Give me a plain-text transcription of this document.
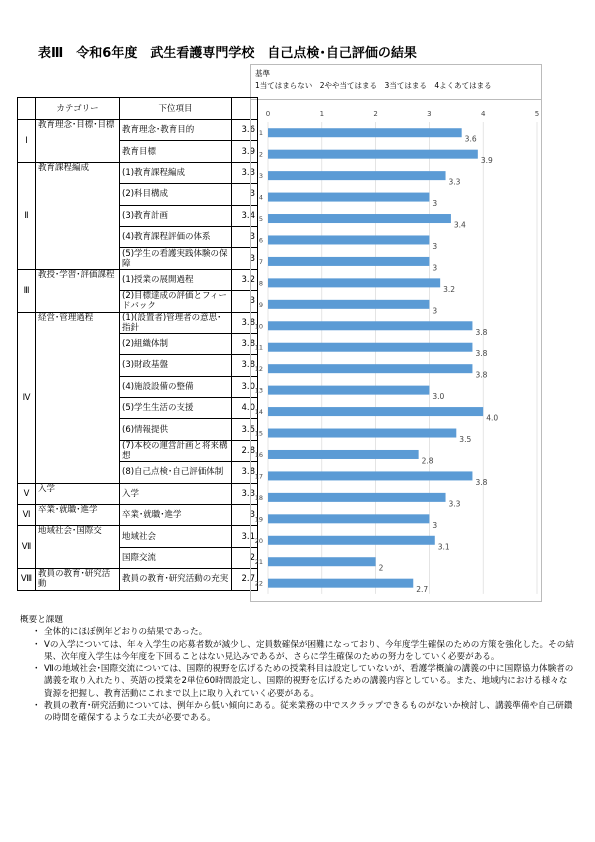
表Ⅲ　令和6年度　武生看護専門学校　自己点検･自己評価の結果
基準
1当てはまらない　2やや当てはまる　3当てはまる　4よくあてはまる
	カテゴリー	下位項目	
Ⅰ	教育理念･目標･目標	教育理念･教育目的	3.6
		教育目標	3.9
Ⅱ	教育課程編成	(1)教育課程編成	3.3
		(2)科目構成	3
		(3)教育計画	3.4
		(4)教育課程評価の体系	3
		(5)学生の看護実践体験の保障	3
Ⅲ	教授･学習･評価課程	(1)授業の展開過程	3.2
		(2)目標達成の評価とフィードバック	3
Ⅳ	経営･管理過程	(1)(設置者)管理者の意思･指針	3.8
		(2)組織体制	3.8
		(3)財政基盤	3.8
		(4)施設設備の整備	3.0
		(5)学生生活の支援	4.0
		(6)情報提供	3.5
		(7)本校の運営計画と将来構想	2.8
		(8)自己点検･自己評価体制	3.8
Ⅴ	入学	入学	3.3
Ⅵ	卒業･就職･進学	卒業･就職･進学	3
Ⅶ	地域社会･国際交	地域社会	3.1
		国際交流	2
Ⅷ	教員の教育･研究活動	教員の教育･研究活動の充実	2.7
0	1	2	3	4	5
1
3.6
2
3.9
3
3.3
4
3
5
3.4
6
3
7
3
8
3.2
9
3
10
3.8
11
3.8
12
3.8
13
3.0
14
4.0
15
3.5
16
2.8
17
3.8
18
3.3
19
3
20
3.1
21
2
22
2.7
概要と課題
・ 全体的にほぼ例年どおりの結果であった。
・ Ⅴの入学については、年々入学生の応募者数が減少し、定員数確保が困難になっており、今年度学生確保のための方策を強化した。その結果、次年度入学生は今年度を下回ることはない見込みであるが、さらに学生確保のための努力をしていく必要がある。
・ Ⅶの地域社会･国際交流については、国際的視野を広げるための授業科目は設定していないが、看護学概論の講義の中に国際協力体験者の講義を取り入れたり、英語の授業を2単位60時間設定し、国際的視野を広げるための講義内容としている。また、地域内における様々な資源を把握し、教育活動にこれまで以上に取り入れていく必要がある。
・ 教員の教育･研究活動については、例年から低い傾向にある。従来業務の中でスクラップできるものがないか検討し、講義準備や自己研鑽の時間を確保するような工夫が必要である。
